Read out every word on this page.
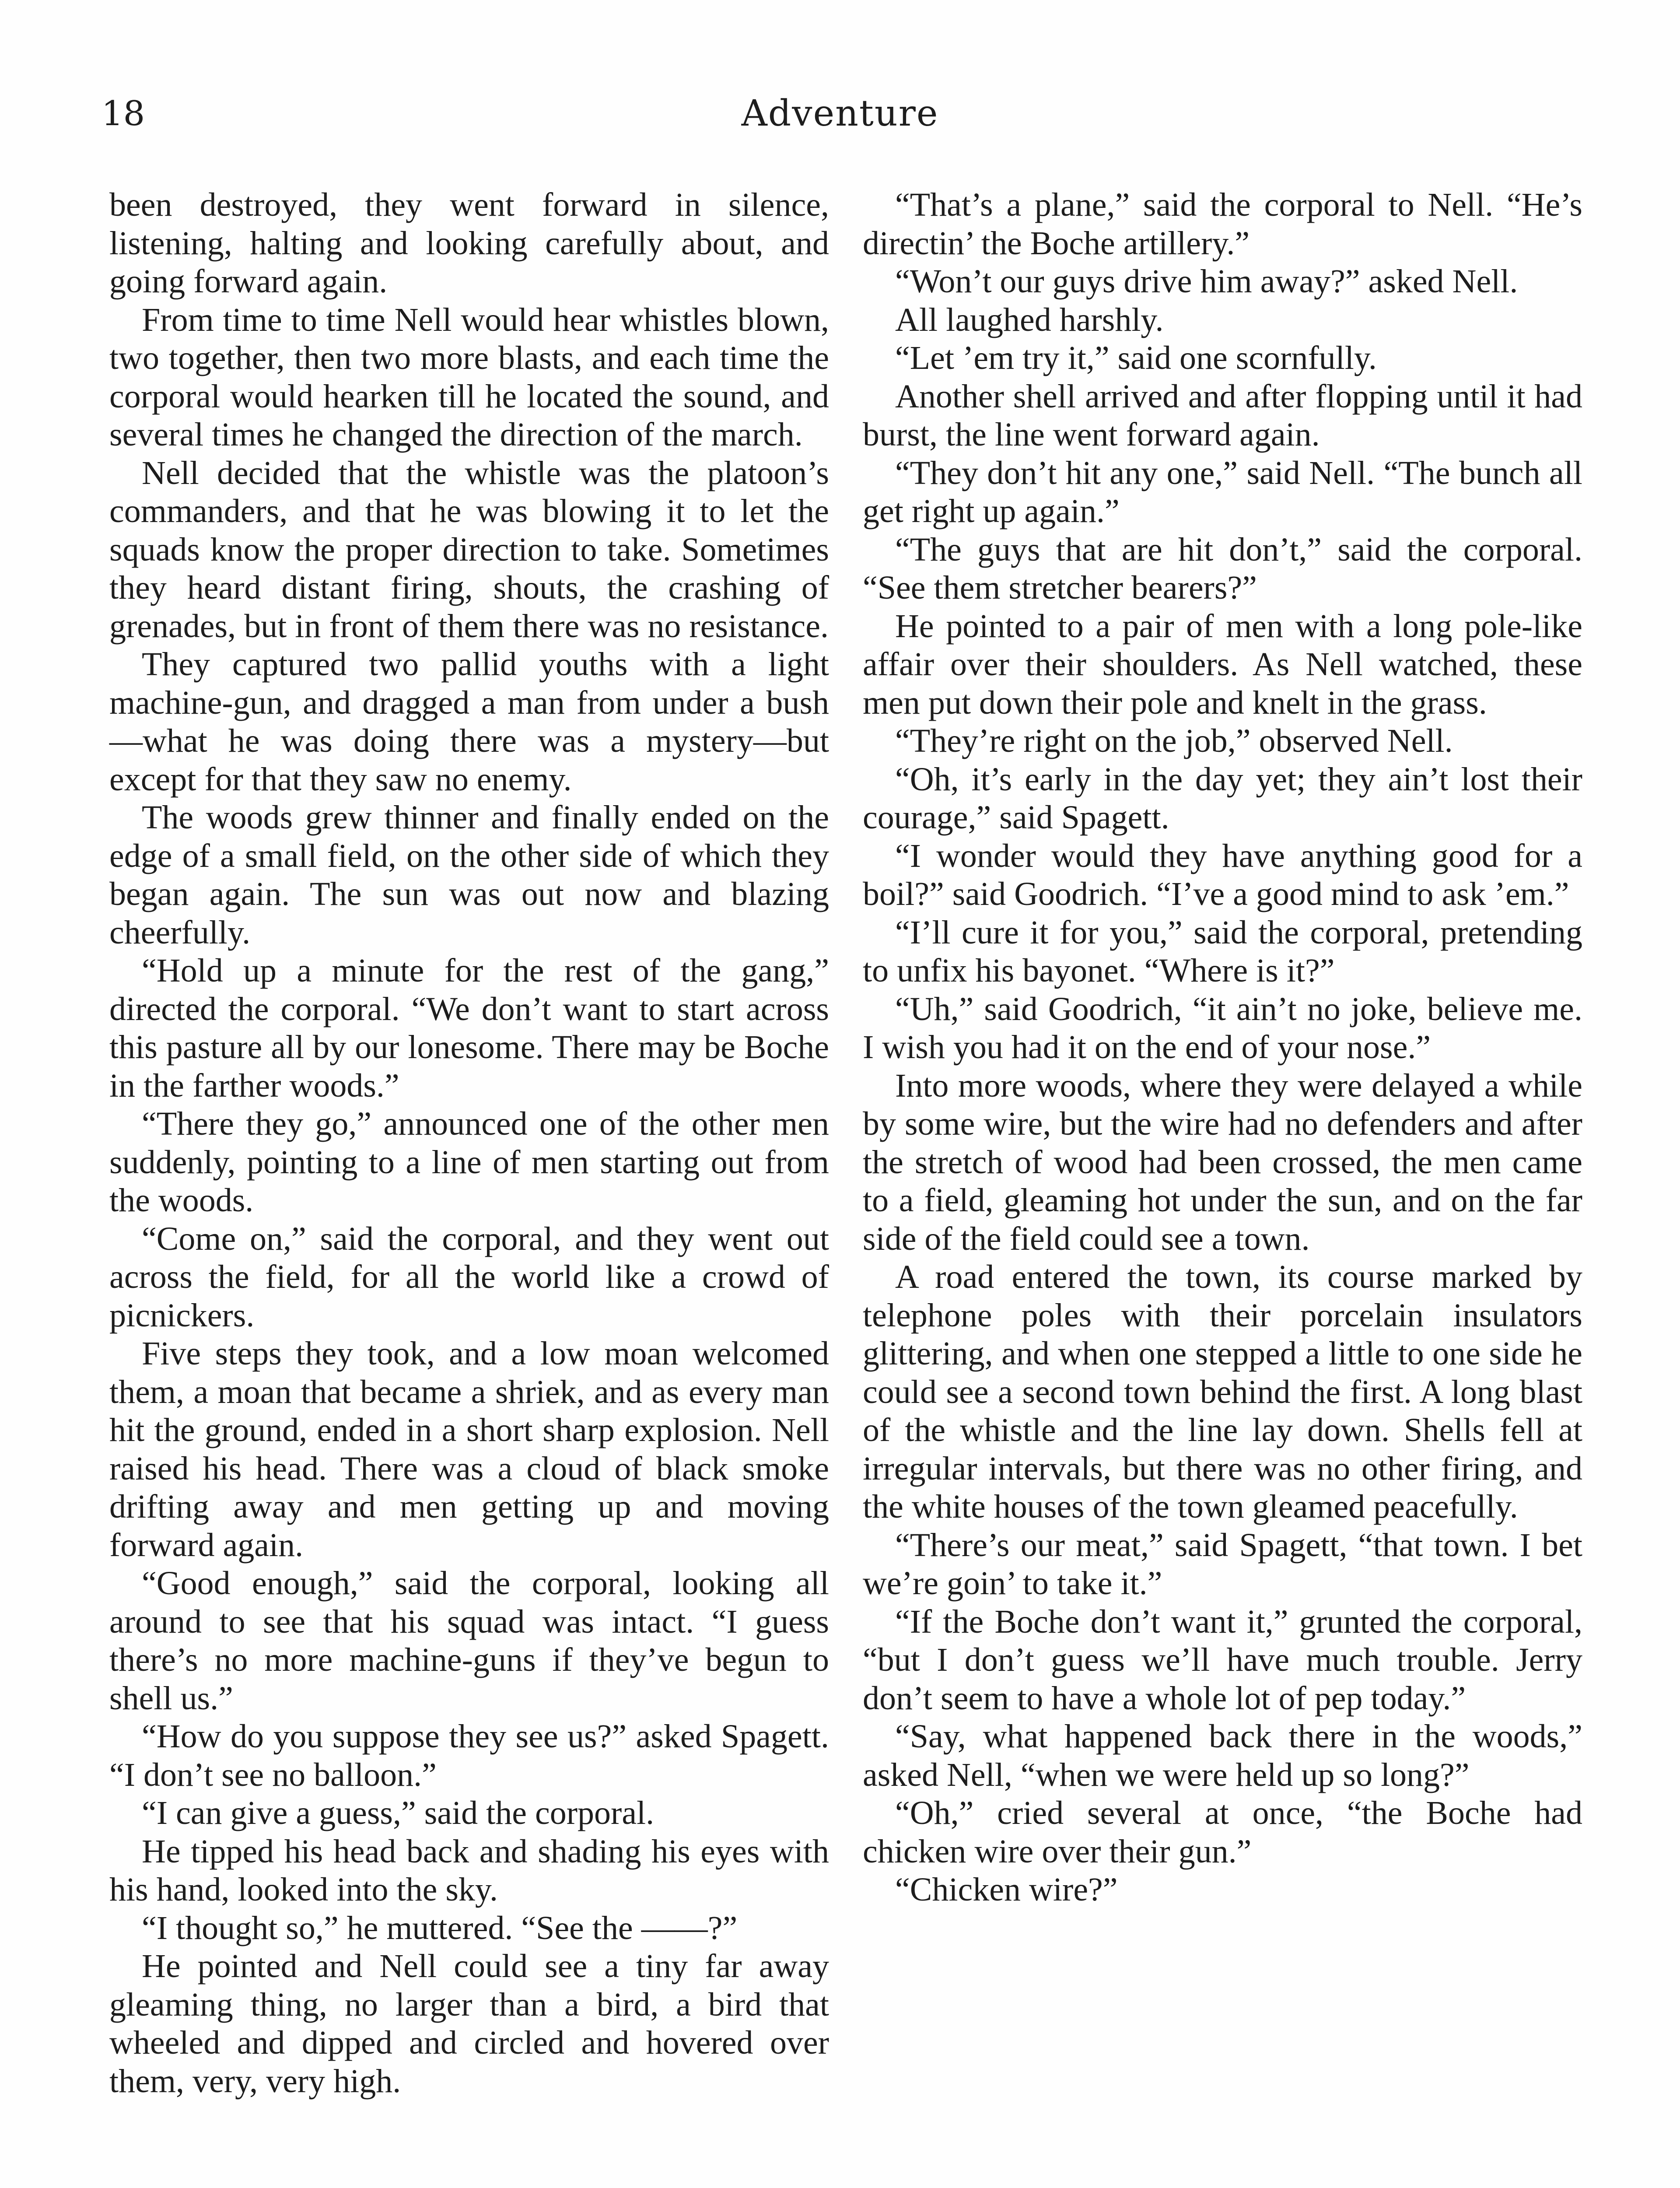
18	Adventure

been destroyed, they went forward in silence, listening, halting and looking carefully about, and going forward again.

From time to time Nell would hear whistles blown, two together, then two more blasts, and each time the corporal would hearken till he located the sound, and several times he changed the direction of the march.

Nell decided that the whistle was the platoon’s commanders, and that he was blowing it to let the squads know the proper direction to take. Sometimes they heard distant firing, shouts, the crashing of grenades, but in front of them there was no resistance.

They captured two pallid youths with a light machine-gun, and dragged a man from under a bush—what he was doing there was a mystery—but except for that they saw no enemy.

The woods grew thinner and finally ended on the edge of a small field, on the other side of which they began again. The sun was out now and blazing cheerfully.

“Hold up a minute for the rest of the gang,” directed the corporal. “We don’t want to start across this pasture all by our lonesome. There may be Boche in the farther woods.”

“There they go,” announced one of the other men suddenly, pointing to a line of men starting out from the woods.

“Come on,” said the corporal, and they went out across the field, for all the world like a crowd of picnickers.

Five steps they took, and a low moan welcomed them, a moan that became a shriek, and as every man hit the ground, ended in a short sharp explosion. Nell raised his head. There was a cloud of black smoke drifting away and men getting up and moving forward again.

“Good enough,” said the corporal, looking all around to see that his squad was intact. “I guess there’s no more machine-guns if they’ve begun to shell us.”

“How do you suppose they see us?” asked Spagett. “I don’t see no balloon.”

“I can give a guess,” said the corporal.

He tipped his head back and shading his eyes with his hand, looked into the sky.

“I thought so,” he muttered. “See the ——?”

He pointed and Nell could see a tiny far away gleaming thing, no larger than a bird, a bird that wheeled and dipped and circled and hovered over them, very, very high.

“That’s a plane,” said the corporal to Nell. “He’s directin’ the Boche artillery.”

“Won’t our guys drive him away?” asked Nell.

All laughed harshly.

“Let ’em try it,” said one scornfully.

Another shell arrived and after flopping until it had burst, the line went forward again.

“They don’t hit any one,” said Nell. “The bunch all get right up again.”

“The guys that are hit don’t,” said the corporal. “See them stretcher bearers?”

He pointed to a pair of men with a long pole-like affair over their shoulders. As Nell watched, these men put down their pole and knelt in the grass.

“They’re right on the job,” observed Nell.

“Oh, it’s early in the day yet; they ain’t lost their courage,” said Spagett.

“I wonder would they have anything good for a boil?” said Goodrich. “I’ve a good mind to ask ’em.”

“I’ll cure it for you,” said the corporal, pretending to unfix his bayonet. “Where is it?”

“Uh,” said Goodrich, “it ain’t no joke, believe me. I wish you had it on the end of your nose.”

Into more woods, where they were delayed a while by some wire, but the wire had no defenders and after the stretch of wood had been crossed, the men came to a field, gleaming hot under the sun, and on the far side of the field could see a town.

A road entered the town, its course marked by telephone poles with their porcelain insulators glittering, and when one stepped a little to one side he could see a second town behind the first. A long blast of the whistle and the line lay down. Shells fell at irregular intervals, but there was no other firing, and the white houses of the town gleamed peacefully.

“There’s our meat,” said Spagett, “that town. I bet we’re goin’ to take it.”

“If the Boche don’t want it,” grunted the corporal, “but I don’t guess we’ll have much trouble. Jerry don’t seem to have a whole lot of pep today.”

“Say, what happened back there in the woods,” asked Nell, “when we were held up so long?”

“Oh,” cried several at once, “the Boche had chicken wire over their gun.”

“Chicken wire?”
